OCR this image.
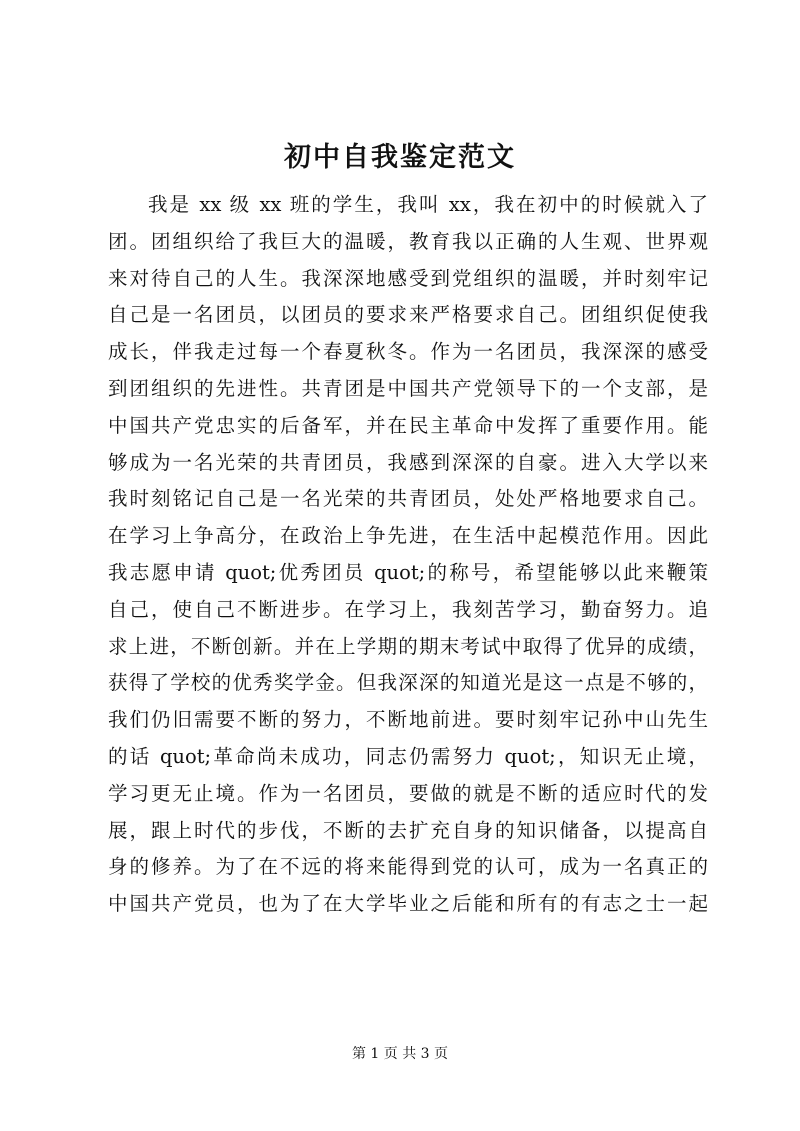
初中自我鉴定范文
我是 xx 级 xx 班的学生，我叫 xx，我在初中的时候就入了
团。团组织给了我巨大的温暖，教育我以正确的人生观、世界观
来对待自己的人生。我深深地感受到党组织的温暖，并时刻牢记
自己是一名团员，以团员的要求来严格要求自己。团组织促使我
成长，伴我走过每一个春夏秋冬。作为一名团员，我深深的感受
到团组织的先进性。共青团是中国共产党领导下的一个支部，是
中国共产党忠实的后备军，并在民主革命中发挥了重要作用。能
够成为一名光荣的共青团员，我感到深深的自豪。进入大学以来
我时刻铭记自己是一名光荣的共青团员，处处严格地要求自己。
在学习上争高分，在政治上争先进，在生活中起模范作用。因此
我志愿申请 quot;优秀团员 quot;的称号，希望能够以此来鞭策
自己，使自己不断进步。在学习上，我刻苦学习，勤奋努力。追
求上进，不断创新。并在上学期的期末考试中取得了优异的成绩，
获得了学校的优秀奖学金。但我深深的知道光是这一点是不够的，
我们仍旧需要不断的努力，不断地前进。要时刻牢记孙中山先生
的话 quot;革命尚未成功，同志仍需努力 quot;，知识无止境，
学习更无止境。作为一名团员，要做的就是不断的适应时代的发
展，跟上时代的步伐，不断的去扩充自身的知识储备，以提高自
身的修养。为了在不远的将来能得到党的认可，成为一名真正的
中国共产党员，也为了在大学毕业之后能和所有的有志之士一起
第 1 页 共 3 页
